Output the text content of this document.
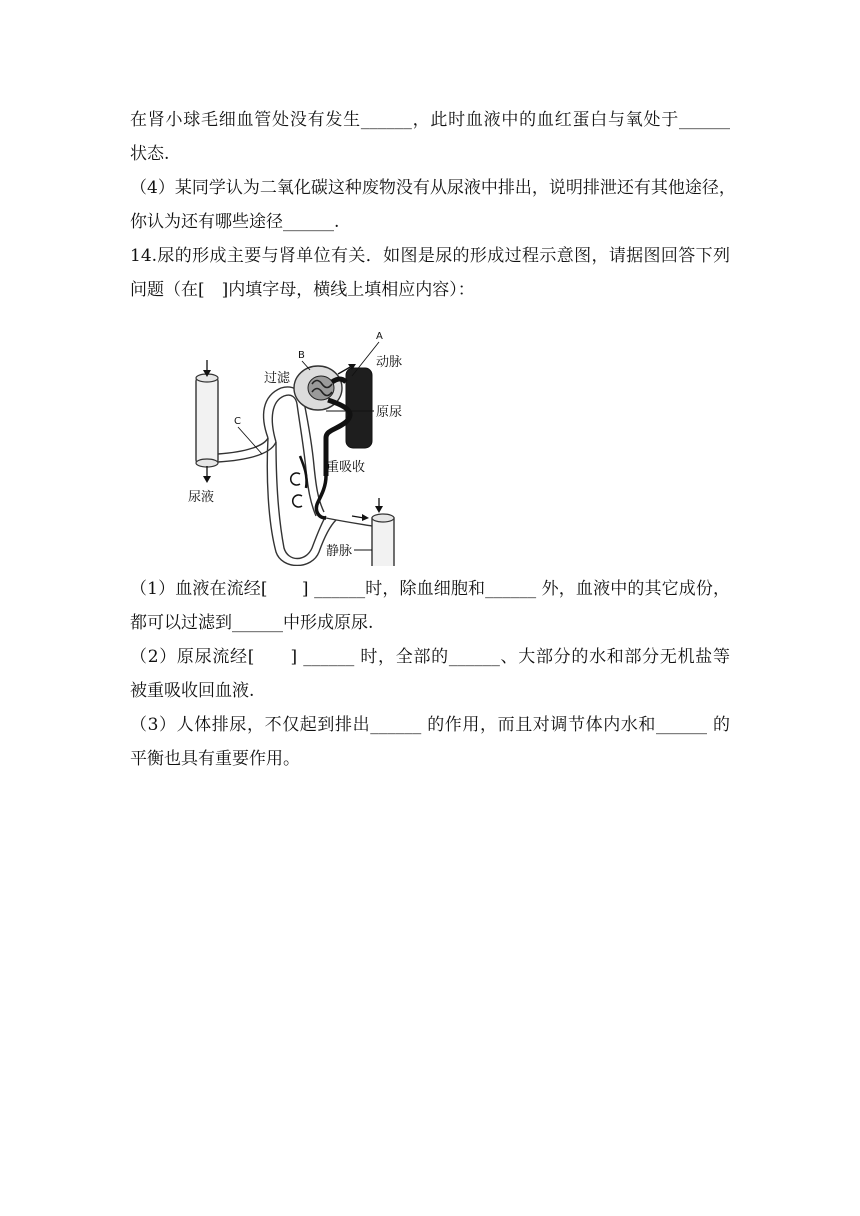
在肾小球毛细血管处没有发生______，此时血液中的血红蛋白与氧处于______
状态.
（4）某同学认为二氧化碳这种废物没有从尿液中排出，说明排泄还有其他途径，
你认为还有哪些途径______.
14.尿的形成主要与肾单位有关．如图是尿的形成过程示意图，请据图回答下列
问题（在[　]内填字母，横线上填相应内容）：
A
B
C
动脉
过滤
原尿
重吸收
尿液
静脉
（1）血液在流经[　　] ______时，除血细胞和______ 外，血液中的其它成份，
都可以过滤到______中形成原尿.
（2）原尿流经[　　] ______ 时，全部的______、大部分的水和部分无机盐等
被重吸收回血液.
（3）人体排尿，不仅起到排出______ 的作用，而且对调节体内水和______ 的
平衡也具有重要作用。
